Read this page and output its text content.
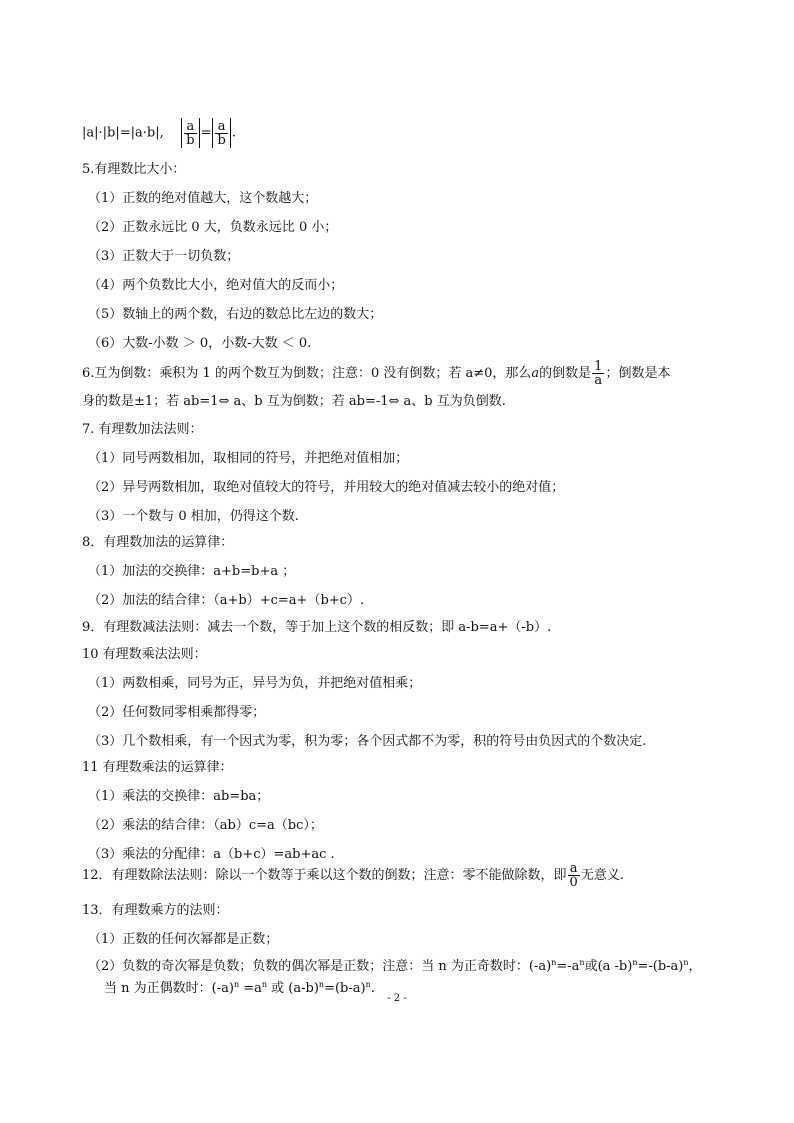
|a|·|b|=|a·b|, $\frac{a}{b} = \frac{a}{b}$ .
5.有理数比大小：
（1）正数的绝对值越大，这个数越大；
（2）正数永远比 0 大，负数永远比 0 小；
（3）正数大于一切负数；
（4）两个负数比大小，绝对值大的反而小；
（5）数轴上的两个数，右边的数总比左边的数大；
（6）大数-小数 ＞ 0，小数-大数 ＜ 0.
6.互为倒数：乘积为 1 的两个数互为倒数；注意：0 没有倒数；若 a≠0，那么a的倒数是 $\frac{1}{a}$ ；倒数是本
身的数是±1；若 ab=1⇔ a、b 互为倒数；若 ab=-1⇔ a、b 互为负倒数.
7. 有理数加法法则：
（1）同号两数相加，取相同的符号，并把绝对值相加；
（2）异号两数相加，取绝对值较大的符号，并用较大的绝对值减去较小的绝对值；
（3）一个数与 0 相加，仍得这个数.
8．有理数加法的运算律：
（1）加法的交换律：a+b=b+a ；
（2）加法的结合律：（a+b）+c=a+（b+c）.
9．有理数减法法则：减去一个数，等于加上这个数的相反数；即 a-b=a+（-b）.
10 有理数乘法法则：
（1）两数相乘，同号为正，异号为负，并把绝对值相乘；
（2）任何数同零相乘都得零；
（3）几个数相乘，有一个因式为零，积为零；各个因式都不为零，积的符号由负因式的个数决定.
11 有理数乘法的运算律：
（1）乘法的交换律：ab=ba；
（2）乘法的结合律：（ab）c=a（bc）；
（3）乘法的分配律：a（b+c）=ab+ac .
12．有理数除法法则：除以一个数等于乘以这个数的倒数；注意：零不能做除数，即 $\frac{a}{0}$ 无意义.
13．有理数乘方的法则：
（1）正数的任何次幂都是正数；
（2）负数的奇次幂是负数；负数的偶次幂是正数；注意：当 n 为正奇数时：$(-a)^n=-a^n$或(a $-b)^n=-(b-a)^n$，
当 n 为正偶数时：$(-a)^n =a^n$ 或 $(a-b)^n=(b-a)^n$.
- 2 -
